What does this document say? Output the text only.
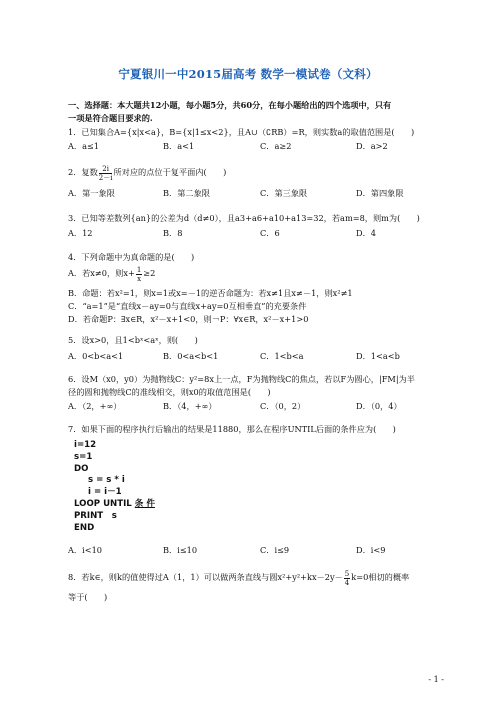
宁夏银川一中2015届高考 数学一模试卷（文科）
一、选择题：本大题共12小题，每小题5分，共60分，在每小题给出的四个选项中，只有
一项是符合题目要求的.
1．已知集合A={x|x<a}，B={x|1≤x<2}，且A∪（∁RB）=R，则实数a的取值范围是(　　)
A．a≤1	B．a<1	C．a≥2	D．a>2
2．复数 $\frac{2i}{2-i}$ 所对应的点位于复平面内(　　)
A．第一象限	B．第二象限	C．第三象限	D．第四象限
3．已知等差数列{an}的公差为d（d≠0），且a3+a6+a10+a13=32，若am=8，则m为(　　)
A．12	B．8	C．6	D．4
4．下列命题中为真命题的是(　　)
A．若x≠0，则$x+ \frac{1}{x} \ge 2$
B．命题：若x²=1，则x=1或x=－1的逆否命题为：若x≠1且x≠－1，则x²≠1
C．“a=1”是“直线x－ay=0与直线x+ay=0互相垂直”的充要条件
D．若命题P：∃x∈R，x²－x+1<0，则￢P：∀x∈R，x²－x+1>0
5．设x>0，且1<bˣ<aˣ，则(　　)
A．0<b<a<1	B．0<a<b<1	C．1<b<a	D．1<a<b
6．设M（x0，y0）为抛物线C：y²=8x上一点，F为抛物线C的焦点，若以F为圆心，|FM|为半
径的圆和抛物线C的准线相交，则x0的取值范围是(　　)
A．（2，+∞）	B．（4，+∞）	C．（0，2）	D．（0，4）
7．如果下面的程序执行后输出的结果是11880，那么在程序UNTIL后面的条件应为(　　)
i=12
s=1
DO
s = s * i
i = i－1
LOOP UNTIL 条 件
PRINT　s
END
A．i<10	B．i≤10	C．i≤9	D．i<9
8．若k∈，则k的值使得过A（1，1）可以做两条直线与圆$x^2+y^2+kx-2y- \frac{5}{4} k=0$相切的概率
等于(　　)
- 1 -
